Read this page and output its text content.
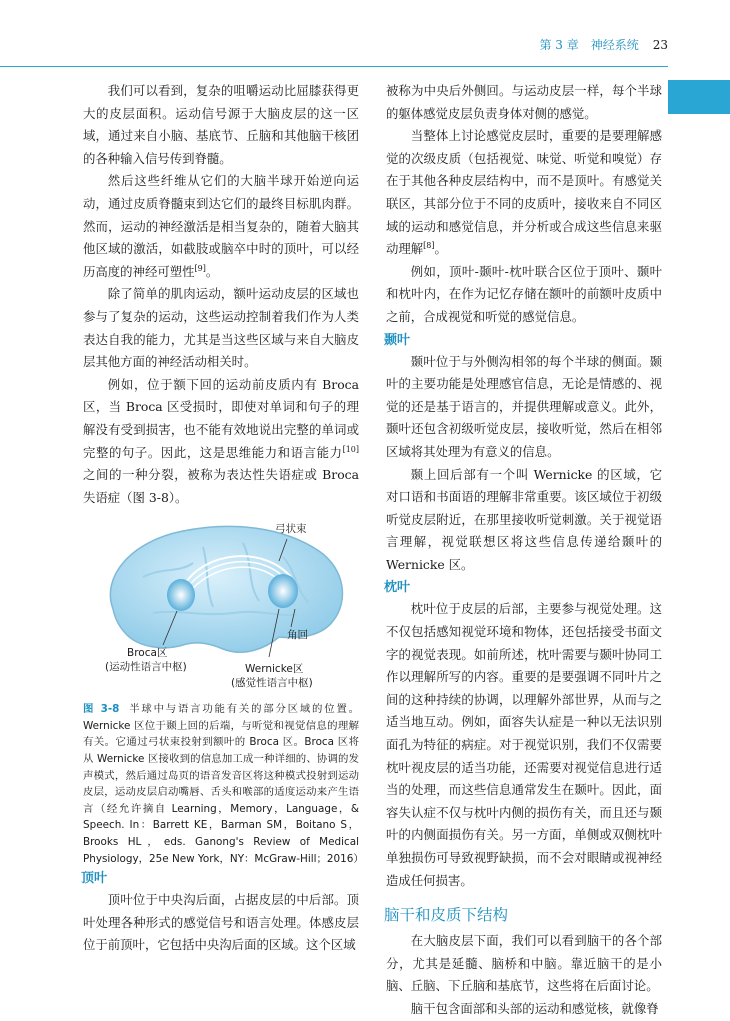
第 3 章　神经系统 23

我们可以看到，复杂的咀嚼运动比屈膝获得更大的皮层面积。运动信号源于大脑皮层的这一区域，通过来自小脑、基底节、丘脑和其他脑干核团的各种输入信号传到脊髓。

然后这些纤维从它们的大脑半球开始逆向运动，通过皮质脊髓束到达它们的最终目标肌肉群。然而，运动的神经激活是相当复杂的，随着大脑其他区域的激活，如截肢或脑卒中时的顶叶，可以经历高度的神经可塑性[9]。

除了简单的肌肉运动，额叶运动皮层的区域也参与了复杂的运动，这些运动控制着我们作为人类表达自我的能力，尤其是当这些区域与来自大脑皮层其他方面的神经活动相关时。

例如，位于额下回的运动前皮质内有 Broca 区，当 Broca 区受损时，即使对单词和句子的理解没有受到损害，也不能有效地说出完整的单词或完整的句子。因此，这是思维能力和语言能力[10]之间的一种分裂，被称为表达性失语症或 Broca 失语症（图 3-8）。

弓状束
Broca区
(运动性语言中枢)
角回
Wernicke区
(感觉性语言中枢)
图 3-8 半球中与语言功能有关的部分区域的位置。Wernicke 区位于颞上回的后端，与听觉和视觉信息的理解有关。它通过弓状束投射到额叶的 Broca 区。Broca 区将从 Wernicke 区接收到的信息加工成一种详细的、协调的发声模式，然后通过岛页的语音发音区将这种模式投射到运动皮层，运动皮层启动嘴唇、舌头和喉部的适度运动来产生语言（经允许摘自 Learning，Memory，Language，& Speech. In：Barrett KE，Barman SM，Boitano S，Brooks HL，eds. Ganong's Review of Medical Physiology，25e New York，NY：McGraw-Hill；2016）
顶叶

顶叶位于中央沟后面，占据皮层的中后部。顶叶处理各种形式的感觉信号和语言处理。体感皮层位于前顶叶，它包括中央沟后面的区域。这个区域

被称为中央后外侧回。与运动皮层一样，每个半球的躯体感觉皮层负责身体对侧的感觉。

当整体上讨论感觉皮层时，重要的是要理解感觉的次级皮质（包括视觉、味觉、听觉和嗅觉）存在于其他各种皮层结构中，而不是顶叶。有感觉关联区，其部分位于不同的皮质叶，接收来自不同区域的运动和感觉信息，并分析或合成这些信息来驱动理解[8]。

例如，顶叶-颞叶-枕叶联合区位于顶叶、颞叶和枕叶内，在作为记忆存储在额叶的前额叶皮质中之前，合成视觉和听觉的感觉信息。

颞叶

颞叶位于与外侧沟相邻的每个半球的侧面。颞叶的主要功能是处理感官信息，无论是情感的、视觉的还是基于语言的，并提供理解或意义。此外，颞叶还包含初级听觉皮层，接收听觉，然后在相邻区域将其处理为有意义的信息。

颞上回后部有一个叫 Wernicke 的区域，它对口语和书面语的理解非常重要。该区域位于初级听觉皮层附近，在那里接收听觉刺激。关于视觉语言理解，视觉联想区将这些信息传递给颞叶的 Wernicke 区。

枕叶

枕叶位于皮层的后部，主要参与视觉处理。这不仅包括感知视觉环境和物体，还包括接受书面文字的视觉表现。如前所述，枕叶需要与颞叶协同工作以理解所写的内容。重要的是要强调不同叶片之间的这种持续的协调，以理解外部世界，从而与之适当地互动。例如，面容失认症是一种以无法识别面孔为特征的病症。对于视觉识别，我们不仅需要枕叶视皮层的适当功能，还需要对视觉信息进行适当的处理，而这些信息通常发生在颞叶。因此，面容失认症不仅与枕叶内侧的损伤有关，而且还与颞叶的内侧面损伤有关。另一方面，单侧或双侧枕叶单独损伤可导致视野缺损，而不会对眼睛或视神经造成任何损害。

脑干和皮质下结构

在大脑皮层下面，我们可以看到脑干的各个部分，尤其是延髓、脑桥和中脑。靠近脑干的是小脑、丘脑、下丘脑和基底节，这些将在后面讨论。

脑干包含面部和头部的运动和感觉核，就像脊
